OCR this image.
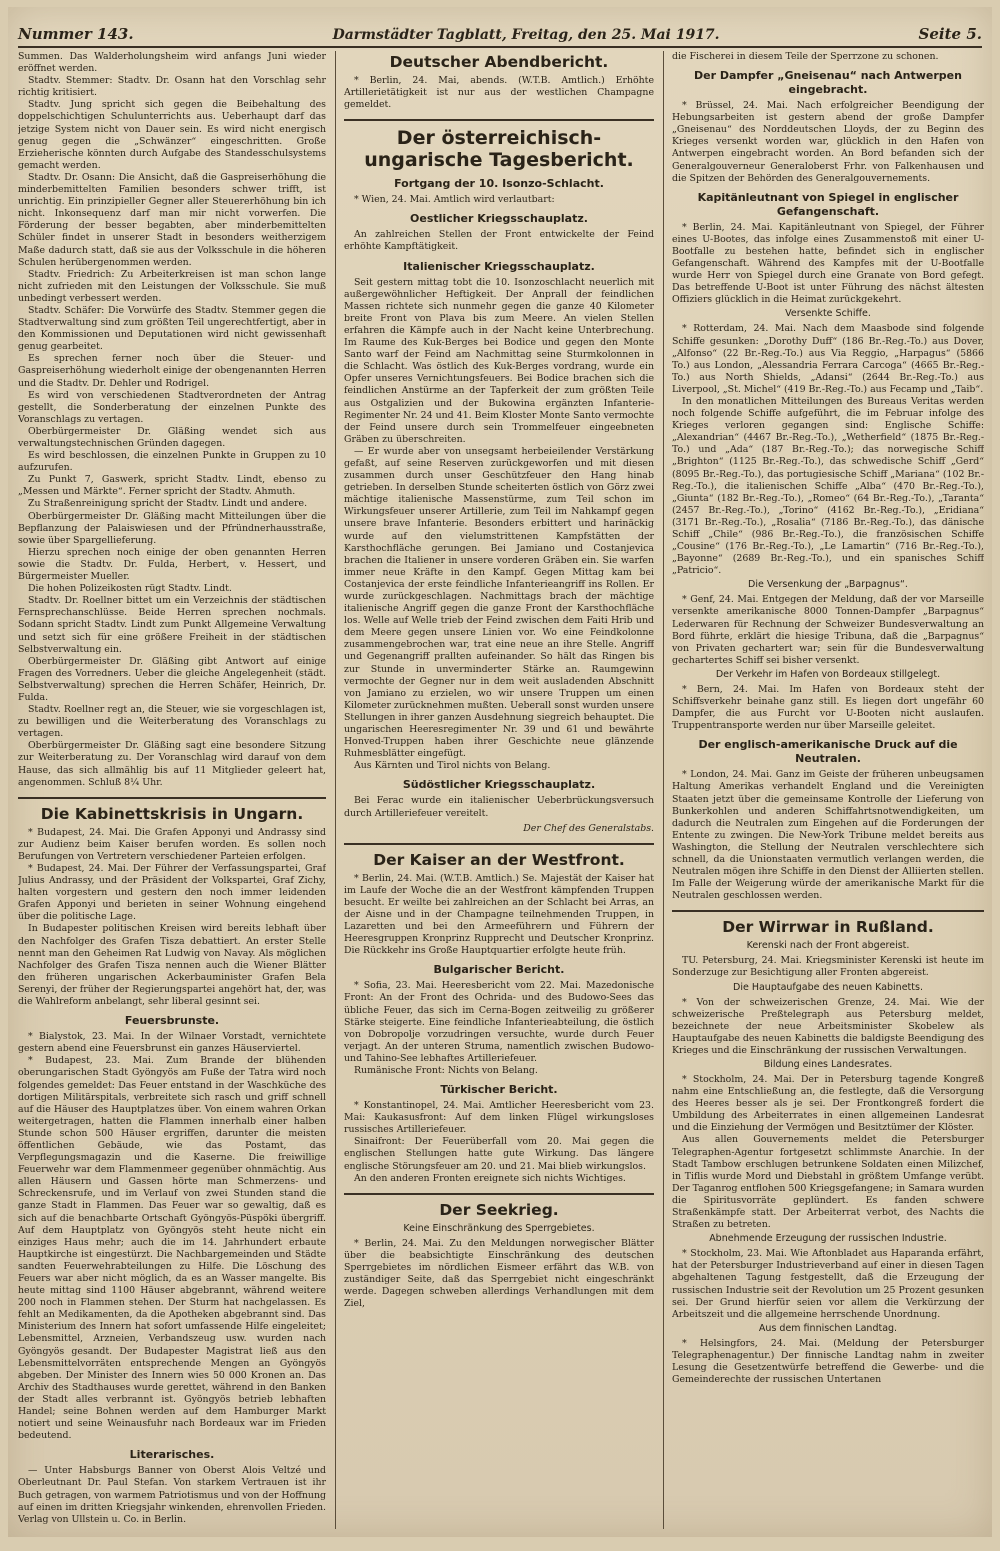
Nummer 143.	Darmstädter Tagblatt, Freitag, den 25. Mai 1917.	Seite 5.

Summen. Das Walderholungsheim wird anfangs Juni wieder eröffnet werden.

Stadtv. Stemmer: Stadtv. Dr. Osann hat den Vorschlag sehr richtig kritisiert.

Stadtv. Jung spricht sich gegen die Beibehaltung des doppelschichtigen Schulunterrichts aus. Ueberhaupt darf das jetzige System nicht von Dauer sein. Es wird nicht energisch genug gegen die „Schwänzer“ eingeschritten. Große Erzieherische könnten durch Aufgabe des Standesschulsystems gemacht werden.

Stadtv. Dr. Osann: Die Ansicht, daß die Gaspreiserhöhung die minderbemittelten Familien besonders schwer trifft, ist unrichtig. Ein prinzipieller Gegner aller Steuererhöhung bin ich nicht. Inkonsequenz darf man mir nicht vorwerfen. Die Förderung der besser begabten, aber minderbemittelten Schüler findet in unserer Stadt in besonders weitherzigem Maße dadurch statt, daß sie aus der Volksschule in die höheren Schulen herübergenommen werden.

Stadtv. Friedrich: Zu Arbeiterkreisen ist man schon lange nicht zufrieden mit den Leistungen der Volksschule. Sie muß unbedingt verbessert werden.

Stadtv. Schäfer: Die Vorwürfe des Stadtv. Stemmer gegen die Stadtverwaltung sind zum größten Teil ungerechtfertigt, aber in den Kommissionen und Deputationen wird nicht gewissenhaft genug gearbeitet.

Es sprechen ferner noch über die Steuer- und Gaspreiserhöhung wiederholt einige der obengenannten Herren und die Stadtv. Dr. Dehler und Rodrigel.

Es wird von verschiedenen Stadtverordneten der Antrag gestellt, die Sonderberatung der einzelnen Punkte des Voranschlags zu vertagen.

Oberbürgermeister Dr. Gläßing wendet sich aus verwaltungstechnischen Gründen dagegen.

Es wird beschlossen, die einzelnen Punkte in Gruppen zu 10 aufzurufen.

Zu Punkt 7, Gaswerk, spricht Stadtv. Lindt, ebenso zu „Messen und Märkte“. Ferner spricht der Stadtv. Ahmuth.

Zu Straßenreinigung spricht der Stadtv. Lindt und andere.

Oberbürgermeister Dr. Gläßing macht Mitteilungen über die Bepflanzung der Palaiswiesen und der Pfründnerhausstraße, sowie über Spargellieferung.

Hierzu sprechen noch einige der oben genannten Herren sowie die Stadtv. Dr. Fulda, Herbert, v. Hessert, und Bürgermeister Mueller.

Die hohen Polizeikosten rügt Stadtv. Lindt.

Stadtv. Dr. Roellner bittet um ein Verzeichnis der städtischen Fernsprechanschlüsse. Beide Herren sprechen nochmals. Sodann spricht Stadtv. Lindt zum Punkt Allgemeine Verwaltung und setzt sich für eine größere Freiheit in der städtischen Selbstverwaltung ein.

Oberbürgermeister Dr. Gläßing gibt Antwort auf einige Fragen des Vorredners. Ueber die gleiche Angelegenheit (städt. Selbstverwaltung) sprechen die Herren Schäfer, Heinrich, Dr. Fulda.

Stadtv. Roellner regt an, die Steuer, wie sie vorgeschlagen ist, zu bewilligen und die Weiterberatung des Voranschlags zu vertagen.

Oberbürgermeister Dr. Gläßing sagt eine besondere Sitzung zur Weiterberatung zu. Der Voranschlag wird darauf von dem Hause, das sich allmählig bis auf 11 Mitglieder geleert hat, angenommen. Schluß 8¼ Uhr.

Die Kabinettskrisis in Ungarn.

* Budapest, 24. Mai. Die Grafen Apponyi und Andrassy sind zur Audienz beim Kaiser berufen worden. Es sollen noch Berufungen von Vertretern verschiedener Parteien erfolgen.

* Budapest, 24. Mai. Der Führer der Verfassungspartei, Graf Julius Andrassy, und der Präsident der Volkspartei, Graf Zichy, halten vorgestern und gestern den noch immer leidenden Grafen Apponyi und berieten in seiner Wohnung eingehend über die politische Lage.

In Budapester politischen Kreisen wird bereits lebhaft über den Nachfolger des Grafen Tisza debattiert. An erster Stelle nennt man den Geheimen Rat Ludwig von Navay. Als möglichen Nachfolger des Grafen Tisza nennen auch die Wiener Blätter den früheren ungarischen Ackerbauminister Grafen Bela Serenyi, der früher der Regierungspartei angehört hat, der, was die Wahlreform anbelangt, sehr liberal gesinnt sei.

Feuersbrunste.

* Bialystok, 23. Mai. In der Wilnaer Vorstadt, vernichtete gestern abend eine Feuersbrunst ein ganzes Häuserviertel.

* Budapest, 23. Mai. Zum Brande der blühenden oberungarischen Stadt Gyöngyös am Fuße der Tatra wird noch folgendes gemeldet: Das Feuer entstand in der Waschküche des dortigen Militärspitals, verbreitete sich rasch und griff schnell auf die Häuser des Hauptplatzes über. Von einem wahren Orkan weitergetragen, hatten die Flammen innerhalb einer halben Stunde schon 500 Häuser ergriffen, darunter die meisten öffentlichen Gebäude, wie das Postamt, das Verpflegungsmagazin und die Kaserne. Die freiwillige Feuerwehr war dem Flammenmeer gegenüber ohnmächtig. Aus allen Häusern und Gassen hörte man Schmerzens- und Schreckensrufe, und im Verlauf von zwei Stunden stand die ganze Stadt in Flammen. Das Feuer war so gewaltig, daß es sich auf die benachbarte Ortschaft Gyöngyös-Püspöki übergriff. Auf dem Hauptplatz von Gyöngyös steht heute nicht ein einziges Haus mehr; auch die im 14. Jahrhundert erbaute Hauptkirche ist eingestürzt. Die Nachbargemeinden und Städte sandten Feuerwehrabteilungen zu Hilfe. Die Löschung des Feuers war aber nicht möglich, da es an Wasser mangelte. Bis heute mittag sind 1100 Häuser abgebrannt, während weitere 200 noch in Flammen stehen. Der Sturm hat nachgelassen. Es fehlt an Medikamenten, da die Apotheken abgebrannt sind. Das Ministerium des Innern hat sofort umfassende Hilfe eingeleitet; Lebensmittel, Arzneien, Verbandszeug usw. wurden nach Gyöngyös gesandt. Der Budapester Magistrat ließ aus den Lebensmittelvorräten entsprechende Mengen an Gyöngyös abgeben. Der Minister des Innern wies 50 000 Kronen an. Das Archiv des Stadthauses wurde gerettet, während in den Banken der Stadt alles verbrannt ist. Gyöngyös betrieb lebhaften Handel; seine Bohnen werden auf dem Hamburger Markt notiert und seine Weinausfuhr nach Bordeaux war im Frieden bedeutend.

Literarisches.

— Unter Habsburgs Banner von Oberst Alois Veltzé und Oberleutnant Dr. Paul Stefan. Von starkem Vertrauen ist ihr Buch getragen, von warmem Patriotismus und von der Hoffnung auf einen im dritten Kriegsjahr winkenden, ehrenvollen Frieden. Verlag von Ullstein u. Co. in Berlin.

Deutscher Abendbericht.

* Berlin, 24. Mai, abends. (W.T.B. Amtlich.) Erhöhte Artillerietätigkeit ist nur aus der westlichen Champagne gemeldet.

Der österreichisch-ungarische Tagesbericht.
Fortgang der 10. Isonzo-Schlacht.

* Wien, 24. Mai. Amtlich wird verlautbart:

Oestlicher Kriegsschauplatz.

An zahlreichen Stellen der Front entwickelte der Feind erhöhte Kampftätigkeit.

Italienischer Kriegsschauplatz.

Seit gestern mittag tobt die 10. Isonzoschlacht neuerlich mit außergewöhnlicher Heftigkeit. Der Anprall der feindlichen Massen richtete sich nunmehr gegen die ganze 40 Kilometer breite Front von Plava bis zum Meere. An vielen Stellen erfahren die Kämpfe auch in der Nacht keine Unterbrechung. Im Raume des Kuk-Berges bei Bodice und gegen den Monte Santo warf der Feind am Nachmittag seine Sturmkolonnen in die Schlacht. Was östlich des Kuk-Berges vordrang, wurde ein Opfer unseres Vernichtungsfeuers. Bei Bodice brachen sich die feindlichen Anstürme an der Tapferkeit der zum größten Teile aus Ostgalizien und der Bukowina ergänzten Infanterie-Regimenter Nr. 24 und 41. Beim Kloster Monte Santo vermochte der Feind unsere durch sein Trommelfeuer eingeebneten Gräben zu überschreiten.

— Er wurde aber von unsegsamt herbeieilender Verstärkung gefaßt, auf seine Reserven zurückgeworfen und mit diesen zusammen durch unser Geschützfeuer den Hang hinab getrieben. In derselben Stunde scheiterten östlich von Görz zwei mächtige italienische Massenstürme, zum Teil schon im Wirkungsfeuer unserer Artillerie, zum Teil im Nahkampf gegen unsere brave Infanterie. Besonders erbittert und harinäckig wurde auf den vielumstrittenen Kampfstätten der Karsthochfläche gerungen. Bei Jamiano und Costanjevica brachen die Italiener in unsere vorderen Gräben ein. Sie warfen immer neue Kräfte in den Kampf. Gegen Mittag kam bei Costanjevica der erste feindliche Infanterieangriff ins Rollen. Er wurde zurückgeschlagen. Nachmittags brach der mächtige italienische Angriff gegen die ganze Front der Karsthochfläche los. Welle auf Welle trieb der Feind zwischen dem Faiti Hrib und dem Meere gegen unsere Linien vor. Wo eine Feindkolonne zusammengebrochen war, trat eine neue an ihre Stelle. Angriff und Gegenangriff prallten aufeinander. So hält das Ringen bis zur Stunde in unverminderter Stärke an. Raumgewinn vermochte der Gegner nur in dem weit ausladenden Abschnitt von Jamiano zu erzielen, wo wir unsere Truppen um einen Kilometer zurücknehmen mußten. Ueberall sonst wurden unsere Stellungen in ihrer ganzen Ausdehnung siegreich behauptet. Die ungarischen Heeresregimenter Nr. 39 und 61 und bewährte Honved-Truppen haben ihrer Geschichte neue glänzende Ruhmesblätter eingefügt.

Aus Kärnten und Tirol nichts von Belang.

Südöstlicher Kriegsschauplatz.

Bei Ferac wurde ein italienischer Ueberbrückungsversuch durch Artilleriefeuer vereitelt.

Der Chef des Generalstabs.
Der Kaiser an der Westfront.

* Berlin, 24. Mai. (W.T.B. Amtlich.) Se. Majestät der Kaiser hat im Laufe der Woche die an der Westfront kämpfenden Truppen besucht. Er weilte bei zahlreichen an der Schlacht bei Arras, an der Aisne und in der Champagne teilnehmenden Truppen, in Lazaretten und bei den Armeeführern und Führern der Heeresgruppen Kronprinz Rupprecht und Deutscher Kronprinz. Die Rückkehr ins Große Hauptquartier erfolgte heute früh.

Bulgarischer Bericht.

* Sofia, 23. Mai. Heeresbericht vom 22. Mai. Mazedonische Front: An der Front des Ochrida- und des Budowo-Sees das übliche Feuer, das sich im Cerna-Bogen zeitweilig zu größerer Stärke steigerte. Eine feindliche Infanterieabteilung, die östlich von Dobropolje vorzudringen versuchte, wurde durch Feuer verjagt. An der unteren Struma, namentlich zwischen Budowo- und Tahino-See lebhaftes Artilleriefeuer.

Rumänische Front: Nichts von Belang.

Türkischer Bericht.

* Konstantinopel, 24. Mai. Amtlicher Heeresbericht vom 23. Mai: Kaukasusfront: Auf dem linken Flügel wirkungsloses russisches Artilleriefeuer.

Sinaifront: Der Feuerüberfall vom 20. Mai gegen die englischen Stellungen hatte gute Wirkung. Das längere englische Störungsfeuer am 20. und 21. Mai blieb wirkungslos.

An den anderen Fronten ereignete sich nichts Wichtiges.

Der Seekrieg.
Keine Einschränkung des Sperrgebietes.

* Berlin, 24. Mai. Zu den Meldungen norwegischer Blätter über die beabsichtigte Einschränkung des deutschen Sperrgebietes im nördlichen Eismeer erfährt das W.B. von zuständiger Seite, daß das Sperrgebiet nicht eingeschränkt werde. Dagegen schweben allerdings Verhandlungen mit dem Ziel,

die Fischerei in diesem Teile der Sperrzone zu schonen.

Der Dampfer „Gneisenau“ nach Antwerpen eingebracht.

* Brüssel, 24. Mai. Nach erfolgreicher Beendigung der Hebungsarbeiten ist gestern abend der große Dampfer „Gneisenau“ des Norddeutschen Lloyds, der zu Beginn des Krieges versenkt worden war, glücklich in den Hafen von Antwerpen eingebracht worden. An Bord befanden sich der Generalgouverneur Generaloberst Frhr. von Falkenhausen und die Spitzen der Behörden des Generalgouvernements.

Kapitänleutnant von Spiegel in englischer Gefangenschaft.

* Berlin, 24. Mai. Kapitänleutnant von Spiegel, der Führer eines U-Bootes, das infolge eines Zusammenstoß mit einer U-Bootfalle zu bestehen hatte, befindet sich in englischer Gefangenschaft. Während des Kampfes mit der U-Bootfalle wurde Herr von Spiegel durch eine Granate von Bord gefegt. Das betreffende U-Boot ist unter Führung des nächst ältesten Offiziers glücklich in die Heimat zurückgekehrt.

Versenkte Schiffe.

* Rotterdam, 24. Mai. Nach dem Maasbode sind folgende Schiffe gesunken: „Dorothy Duff“ (186 Br.-Reg.-To.) aus Dover, „Alfonso“ (22 Br.-Reg.-To.) aus Via Reggio, „Harpagus“ (5866 To.) aus London, „Alessandria Ferrara Carcoga“ (4665 Br.-Reg.-To.) aus North Shields, „Adansi“ (2644 Br.-Reg.-To.) aus Liverpool, „St. Michel“ (419 Br.-Reg.-To.) aus Fecamp und „Taib“.

In den monatlichen Mitteilungen des Bureaus Veritas werden noch folgende Schiffe aufgeführt, die im Februar infolge des Krieges verloren gegangen sind: Englische Schiffe: „Alexandrian“ (4467 Br.-Reg.-To.), „Wetherfield“ (1875 Br.-Reg.-To.) und „Ada“ (187 Br.-Reg.-To.); das norwegische Schiff „Brighton“ (1125 Br.-Reg.-To.), das schwedische Schiff „Gerd“ (8095 Br.-Reg.-To.), das portugiesische Schiff „Mariana“ (102 Br.-Reg.-To.), die italienischen Schiffe „Alba“ (470 Br.-Reg.-To.), „Giunta“ (182 Br.-Reg.-To.), „Romeo“ (64 Br.-Reg.-To.), „Taranta“ (2457 Br.-Reg.-To.), „Torino“ (4162 Br.-Reg.-To.), „Eridiana“ (3171 Br.-Reg.-To.), „Rosalia“ (7186 Br.-Reg.-To.), das dänische Schiff „Chile“ (986 Br.-Reg.-To.), die französischen Schiffe „Cousine“ (176 Br.-Reg.-To.), „Le Lamartin“ (716 Br.-Reg.-To.), „Bayonne“ (2689 Br.-Reg.-To.), und ein spanisches Schiff „Patricio“.

Die Versenkung der „Barpagnus“.

* Genf, 24. Mai. Entgegen der Meldung, daß der vor Marseille versenkte amerikanische 8000 Tonnen-Dampfer „Barpagnus“ Lederwaren für Rechnung der Schweizer Bundesverwaltung an Bord führte, erklärt die hiesige Tribuna, daß die „Barpagnus“ von Privaten gechartert war; sein für die Bundesverwaltung gechartertes Schiff sei bisher versenkt.

Der Verkehr im Hafen von Bordeaux stillgelegt.

* Bern, 24. Mai. Im Hafen von Bordeaux steht der Schiffsverkehr beinahe ganz still. Es liegen dort ungefähr 60 Dampfer, die aus Furcht vor U-Booten nicht auslaufen. Truppentransporte werden nur über Marseille geleitet.

Der englisch-amerikanische Druck auf die Neutralen.

* London, 24. Mai. Ganz im Geiste der früheren unbeugsamen Haltung Amerikas verhandelt England und die Vereinigten Staaten jetzt über die gemeinsame Kontrolle der Lieferung von Bunkerkohlen und anderen Schiffahrtsnotwendigkeiten, um dadurch die Neutralen zum Eingehen auf die Forderungen der Entente zu zwingen. Die New-York Tribune meldet bereits aus Washington, die Stellung der Neutralen verschlechtere sich schnell, da die Unionstaaten vermutlich verlangen werden, die Neutralen mögen ihre Schiffe in den Dienst der Alliierten stellen. Im Falle der Weigerung würde der amerikanische Markt für die Neutralen geschlossen werden.

Der Wirrwar in Rußland.
Kerenski nach der Front abgereist.

TU. Petersburg, 24. Mai. Kriegsminister Kerenski ist heute im Sonderzuge zur Besichtigung aller Fronten abgereist.

Die Hauptaufgabe des neuen Kabinetts.

* Von der schweizerischen Grenze, 24. Mai. Wie der schweizerische Preßtelegraph aus Petersburg meldet, bezeichnete der neue Arbeitsminister Skobelew als Hauptaufgabe des neuen Kabinetts die baldigste Beendigung des Krieges und die Einschränkung der russischen Verwaltungen.

Bildung eines Landesrates.

* Stockholm, 24. Mai. Der in Petersburg tagende Kongreß nahm eine Entschließung an, die festlegte, daß die Versorgung des Heeres besser als je sei. Der Frontkongreß fordert die Umbildung des Arbeiterrates in einen allgemeinen Landesrat und die Einziehung der Vermögen und Besitztümer der Klöster.

Aus allen Gouvernements meldet die Petersburger Telegraphen-Agentur fortgesetzt schlimmste Anarchie. In der Stadt Tambow erschlugen betrunkene Soldaten einen Milizchef, in Tiflis wurde Mord und Diebstahl in größtem Umfange verübt. Der Taganrog entflohen 500 Kriegsgefangene; in Samara wurden die Spiritusvorräte geplündert. Es fanden schwere Straßenkämpfe statt. Der Arbeiterrat verbot, des Nachts die Straßen zu betreten.

Abnehmende Erzeugung der russischen Industrie.

* Stockholm, 23. Mai. Wie Aftonbladet aus Haparanda erfährt, hat der Petersburger Industrieverband auf einer in diesen Tagen abgehaltenen Tagung festgestellt, daß die Erzeugung der russischen Industrie seit der Revolution um 25 Prozent gesunken sei. Der Grund hierfür seien vor allem die Verkürzung der Arbeitszeit und die allgemeine herrschende Unordnung.

Aus dem finnischen Landtag.

* Helsingfors, 24. Mai. (Meldung der Petersburger Telegraphenagentur.) Der finnische Landtag nahm in zweiter Lesung die Gesetzentwürfe betreffend die Gewerbe- und die Gemeinderechte der russischen Untertanen
